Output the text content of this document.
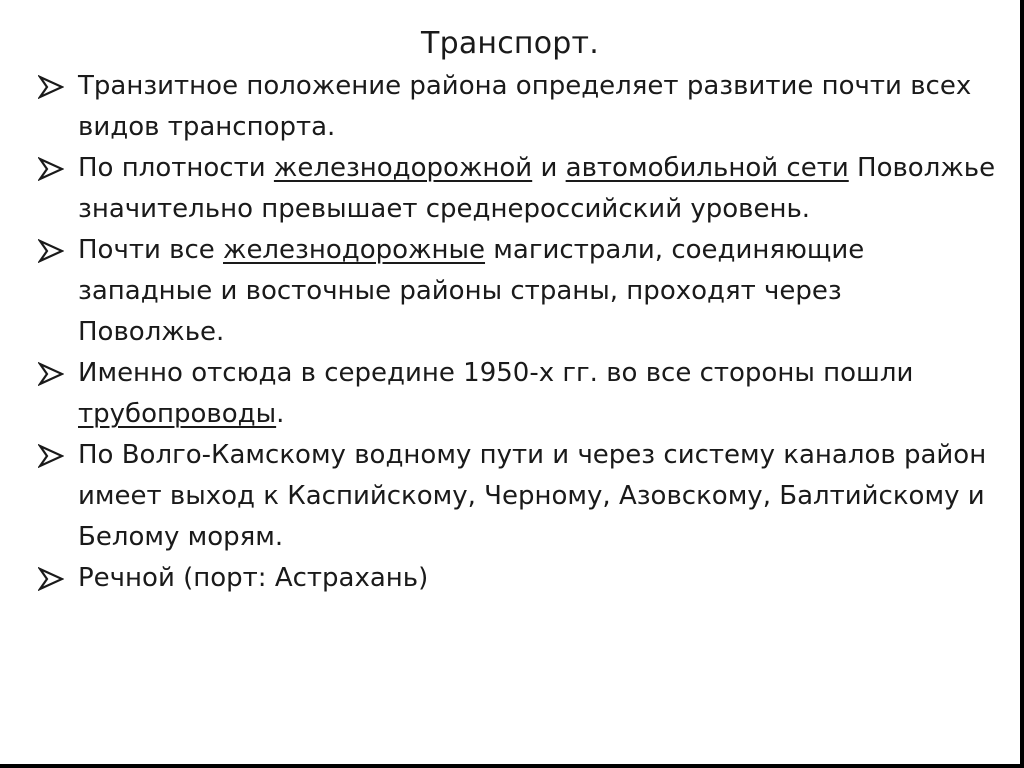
Транспорт.
Транзитное положение района определяет развитие почти всех видов транспорта.
По плотности железнодорожной и автомобильной сети Поволжье значительно превышает среднероссийский уровень.
Почти все железнодорожные магистрали, соединяющие западные и восточные районы страны, проходят через Поволжье.
Именно отсюда в середине 1950-х гг. во все стороны пошли трубопроводы.
По Волго-Камскому водному пути и через систему каналов район имеет выход к Каспийскому, Черному, Азовскому, Балтийскому и Белому морям.
Речной (порт: Астрахань)
